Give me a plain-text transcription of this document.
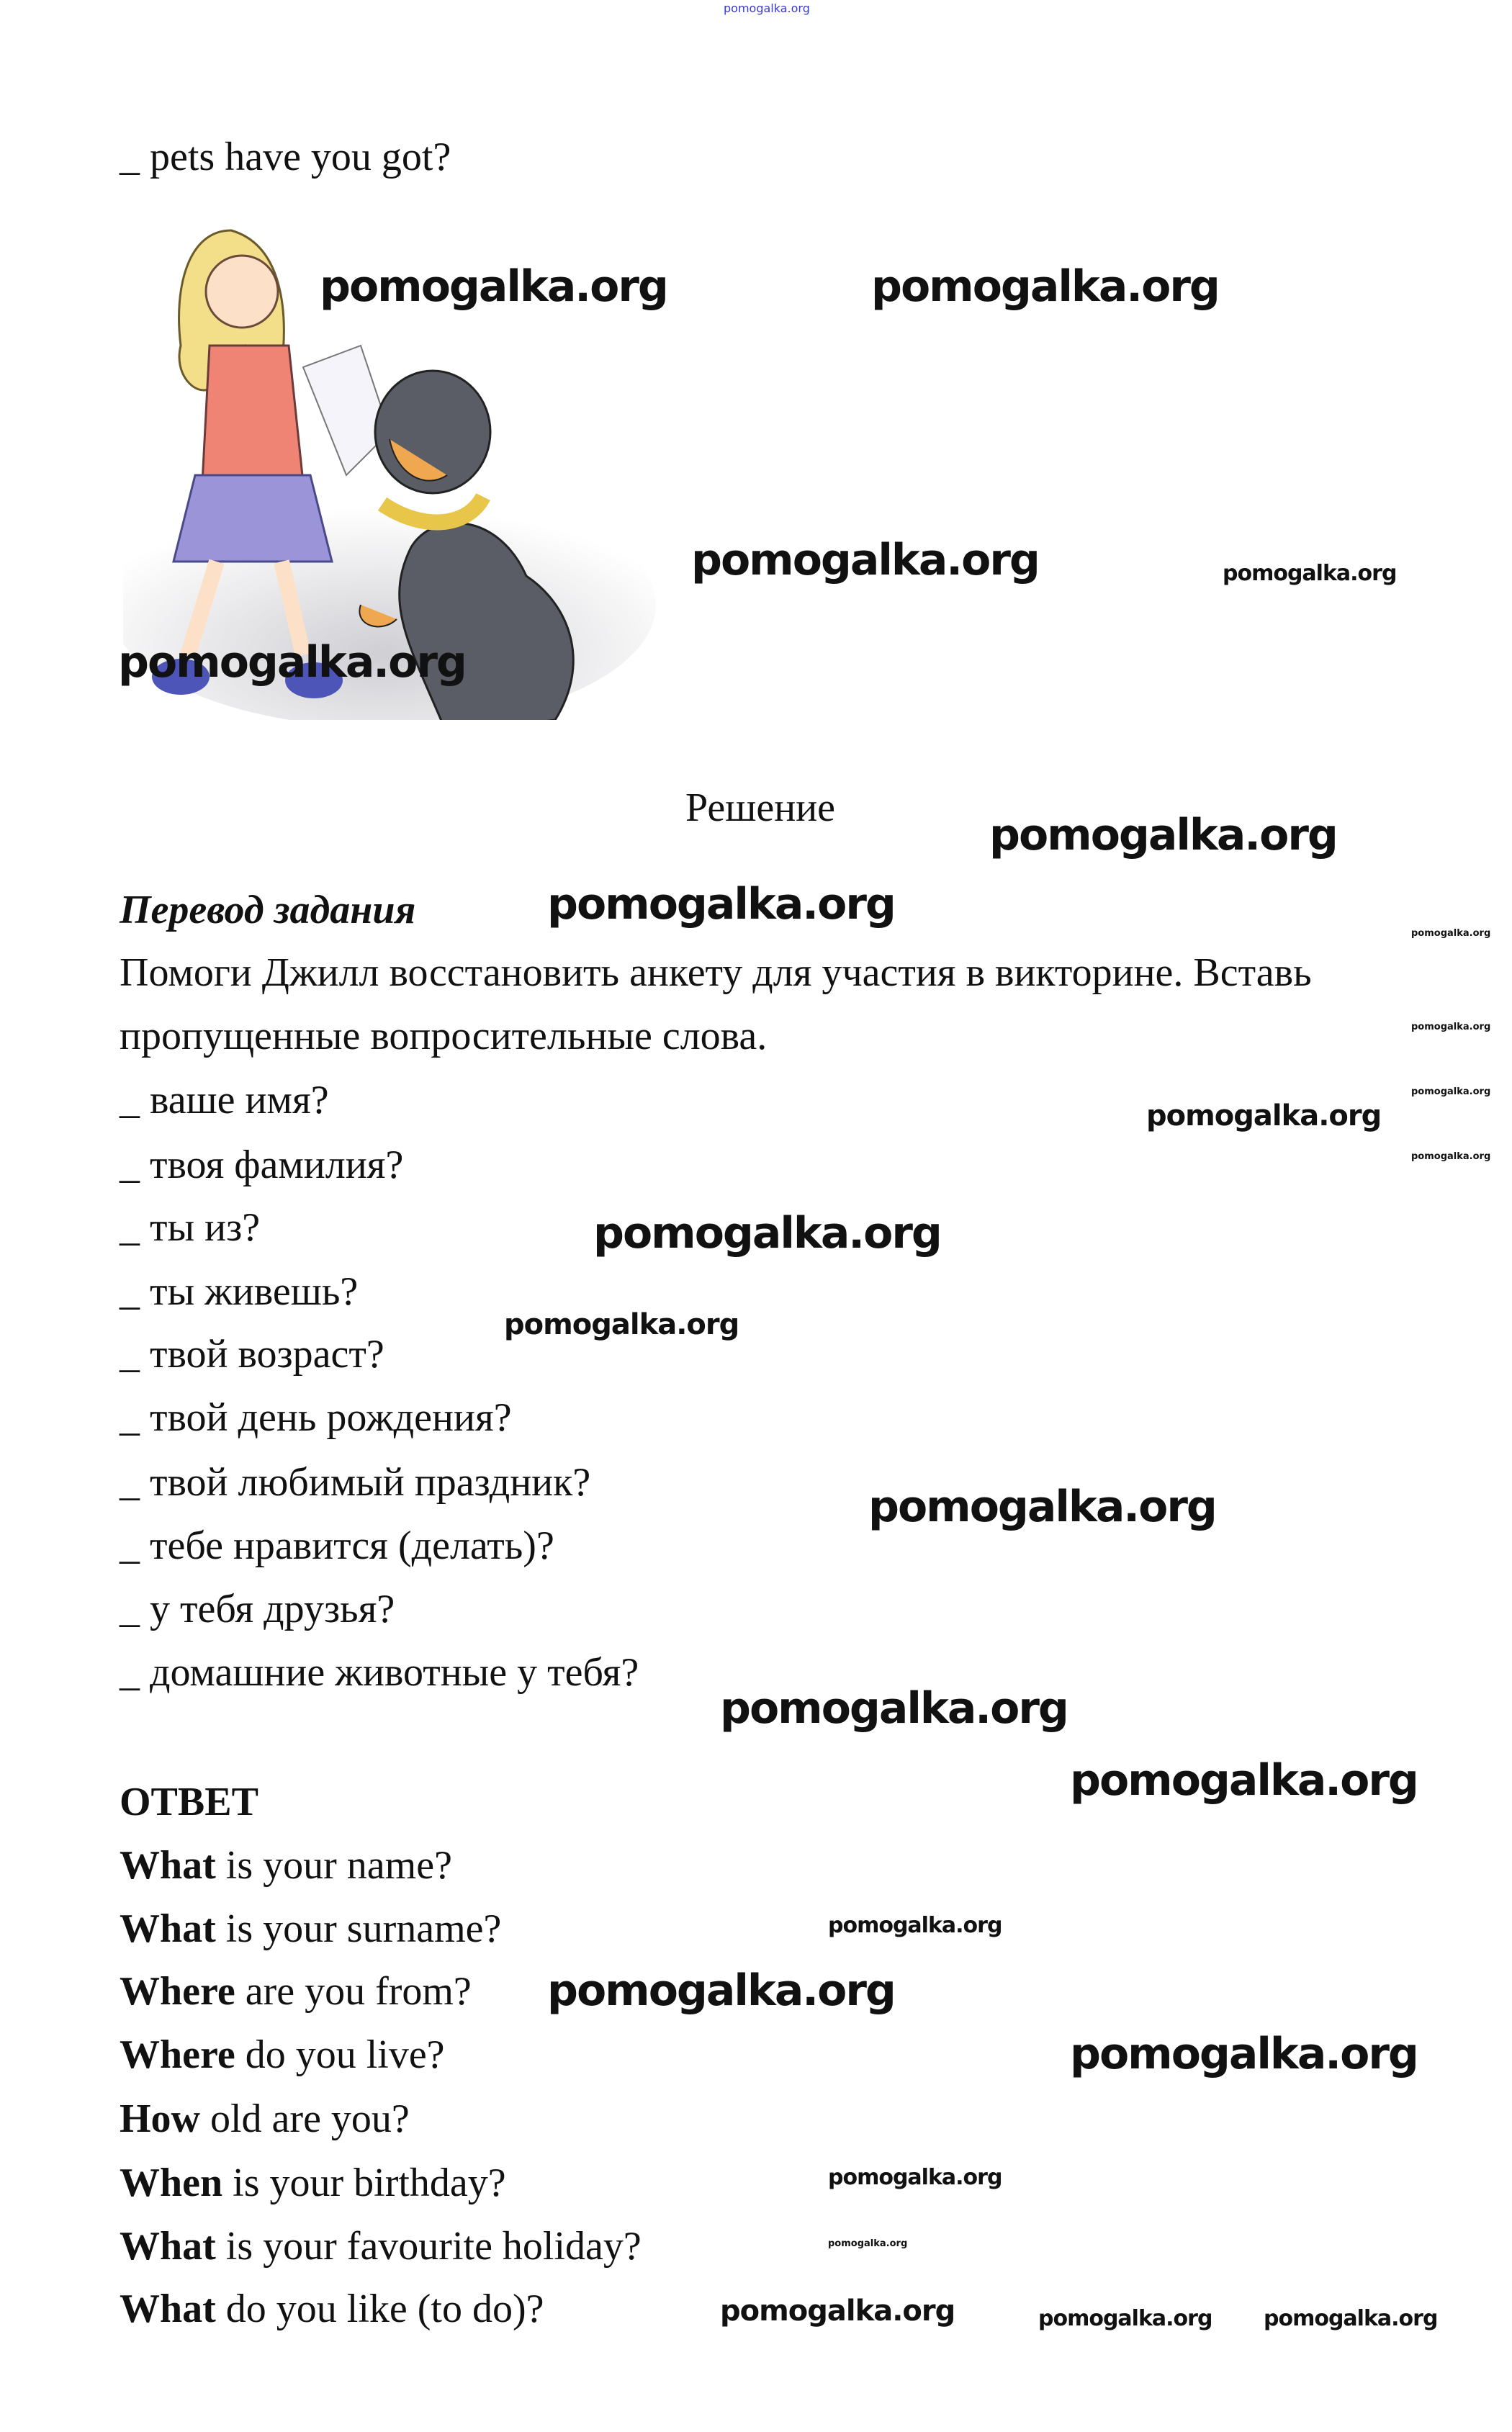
pomogalka.org
_ pets have you got?
pomogalka.org	pomogalka.org
pomogalka.org	pomogalka.org
pomogalka.org
Решение
pomogalka.org
Перевод задания	pomogalka.org
Помоги Джилл восстановить анкету для участия в викторине. Вставь
пропущенные вопросительные слова.
pomogalka.org
pomogalka.org
pomogalka.org
pomogalka.org
_ ваше имя?
_ твоя фамилия?
_ ты из?
_ ты живешь?
_ твой возраст?
_ твой день рождения?
_ твой любимый праздник?
_ тебе нравится (делать)?
_ у тебя друзья?
_ домашние животные у тебя?
pomogalka.org
pomogalka.org
pomogalka.org
pomogalka.org
pomogalka.org
ОТВЕТ	pomogalka.org
What is your name?
What is your surname?
Where are you from?
Where do you live?
How old are you?
When is your birthday?
What is your favourite holiday?
What do you like (to do)?
pomogalka.org
pomogalka.org
pomogalka.org
pomogalka.org
pomogalka.org
pomogalka.org	pomogalka.org pomogalka.org
